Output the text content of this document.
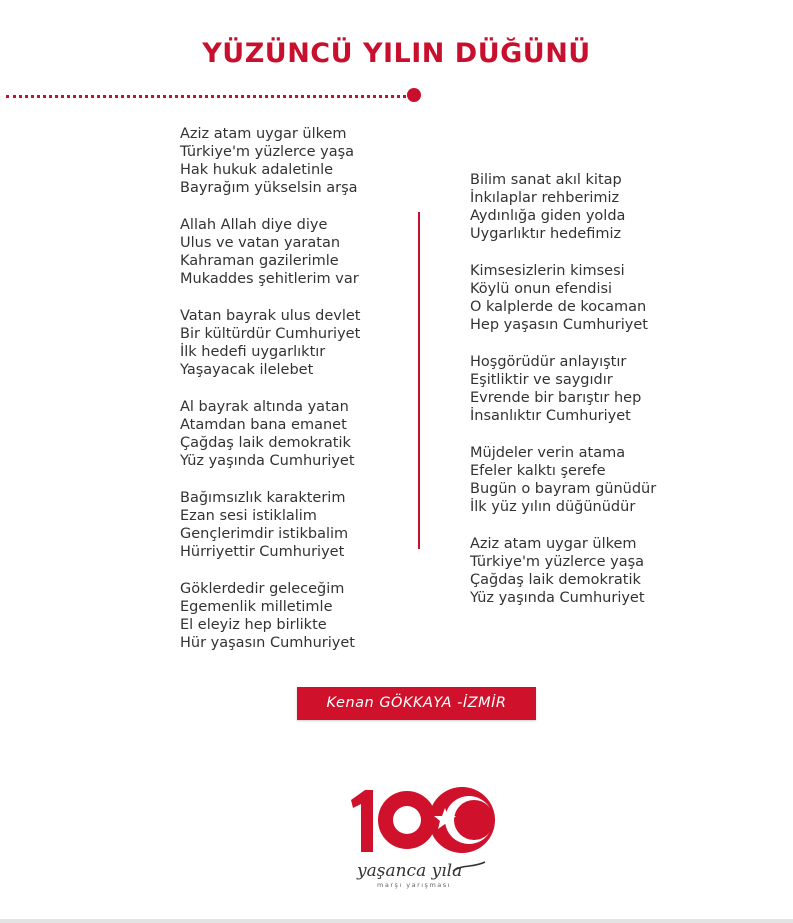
YÜZÜNCÜ YILIN DÜĞÜNÜ
Aziz atam uygar ülkem
Türkiye'm yüzlerce yaşa
Hak hukuk adaletinle
Bayrağım yükselsin arşa
Allah Allah diye diye
Ulus ve vatan yaratan
Kahraman gazilerimle
Mukaddes şehitlerim var
Vatan bayrak ulus devlet
Bir kültürdür Cumhuriyet
İlk hedefi uygarlıktır
Yaşayacak ilelebet
Al bayrak altında yatan
Atamdan bana emanet
Çağdaş laik demokratik
Yüz yaşında Cumhuriyet
Bağımsızlık karakterim
Ezan sesi istiklalim
Gençlerimdir istikbalim
Hürriyettir Cumhuriyet
Göklerdedir geleceğim
Egemenlik milletimle
El eleyiz hep birlikte
Hür yaşasın Cumhuriyet
Bilim sanat akıl kitap
İnkılaplar rehberimiz
Aydınlığa giden yolda
Uygarlıktır hedefimiz
Kimsesizlerin kimsesi
Köylü onun efendisi
O kalplerde de kocaman
Hep yaşasın Cumhuriyet
Hoşgörüdür anlayıştır
Eşitliktir ve saygıdır
Evrende bir barıştır hep
İnsanlıktır Cumhuriyet
Müjdeler verin atama
Efeler kalktı şerefe
Bugün o bayram günüdür
İlk yüz yılın düğünüdür
Aziz atam uygar ülkem
Türkiye'm yüzlerce yaşa
Çağdaş laik demokratik
Yüz yaşında Cumhuriyet
Kenan GÖKKAYA -İZMİR
100
yaşanca yıla
marşı yarışması
